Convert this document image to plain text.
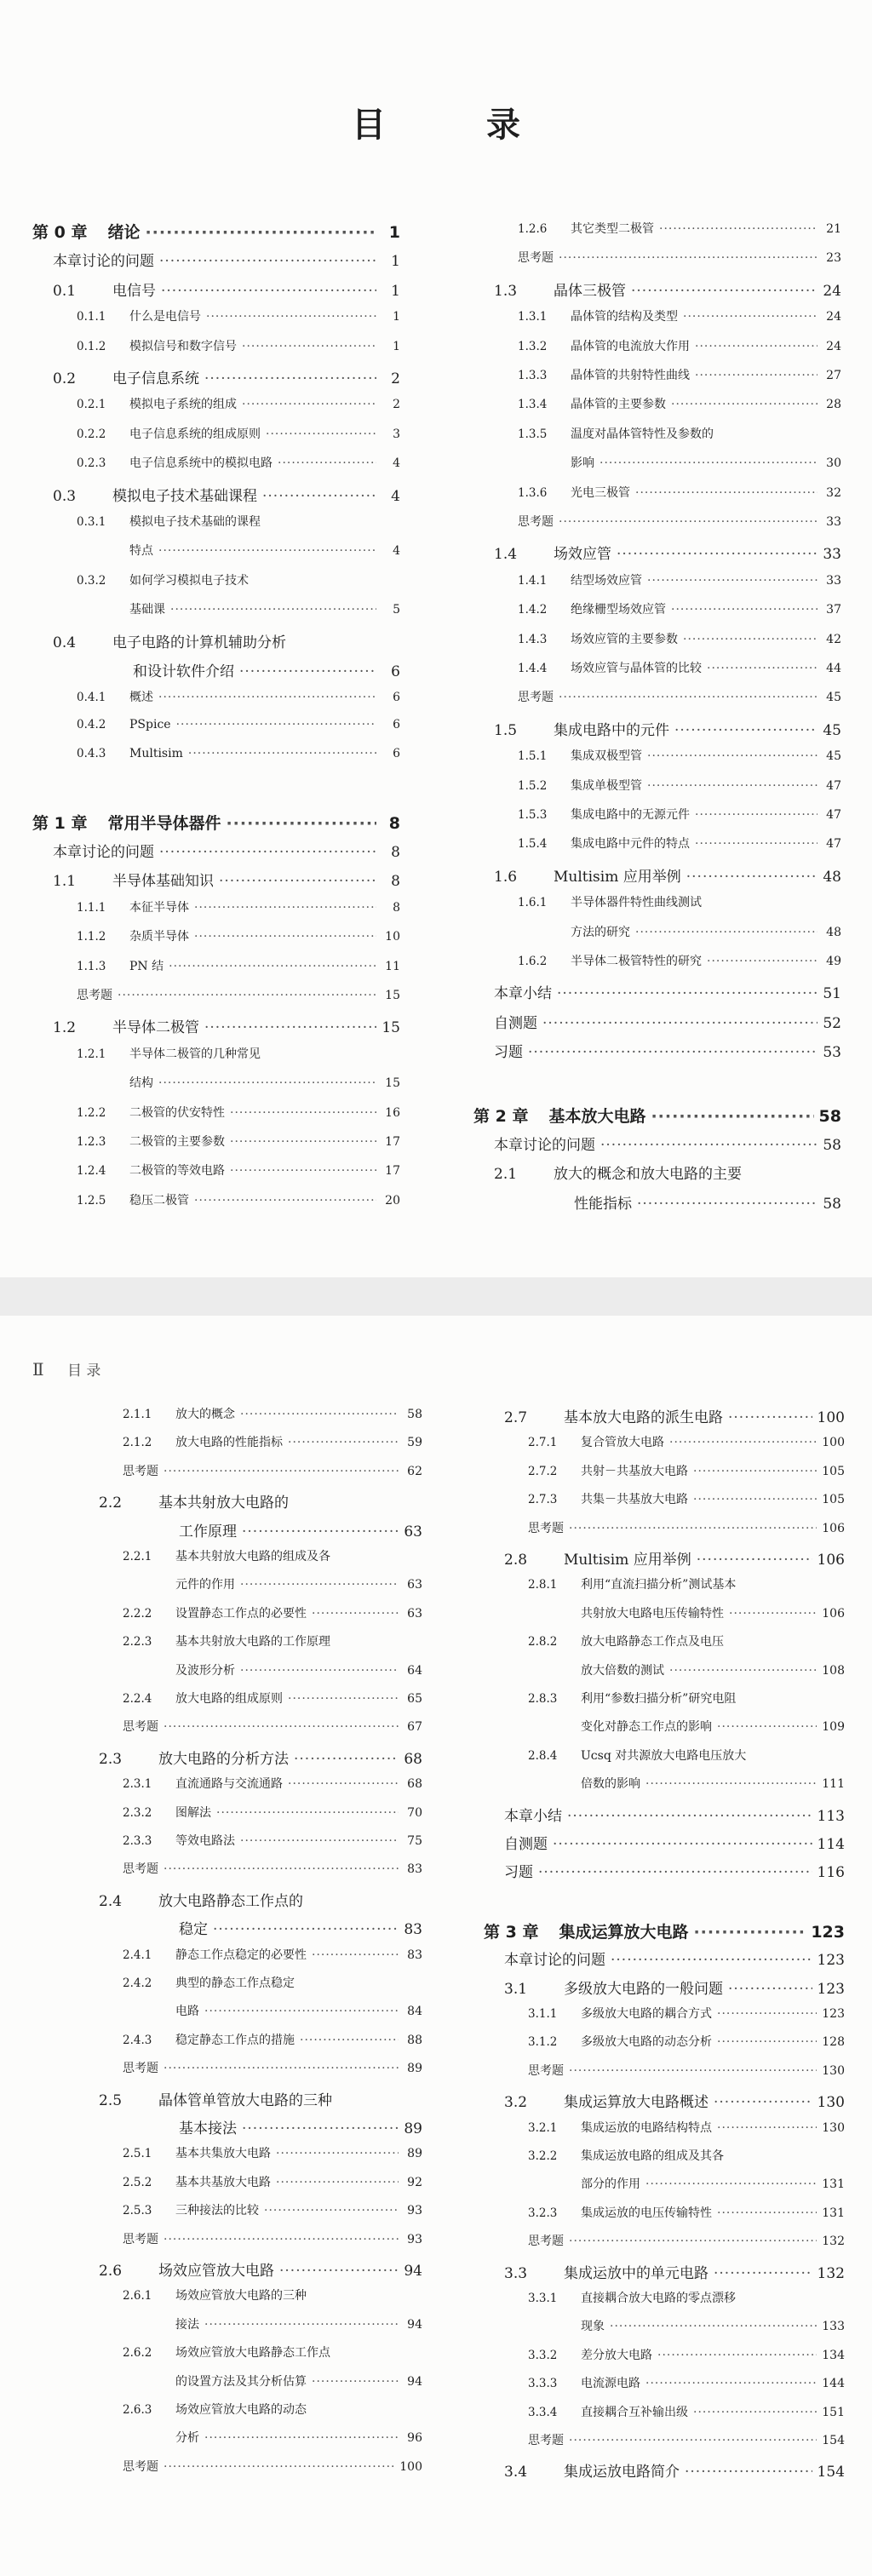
目 录
第 0 章 绪论 ·····	1
本章讨论的问题 ·····	1
0.1	电信号 ·····	1
0.1.1	什么是电信号 ·····	1
0.1.2	模拟信号和数字信号 ·····	1
0.2	电子信息系统 ·····	2
0.2.1	模拟电子系统的组成 ·····	2
0.2.2	电子信息系统的组成原则 ·····	3
0.2.3	电子信息系统中的模拟电路 ·····	4
0.3	模拟电子技术基础课程 ·····	4
0.3.1	模拟电子技术基础的课程
特点 ·····	4
0.3.2	如何学习模拟电子技术
基础课 ·····	5
0.4	电子电路的计算机辅助分析
和设计软件介绍 ·····	6
0.4.1	概述 ·····	6
0.4.2	PSpice ·····	6
0.4.3	Multisim ·····	6
第 1 章 常用半导体器件 ·····	8
本章讨论的问题 ·····	8
1.1	半导体基础知识 ·····	8
1.1.1	本征半导体 ·····	8
1.1.2	杂质半导体 ·····	10
1.1.3	PN 结 ·····	11
思考题 ·····	15
1.2	半导体二极管 ·····	15
1.2.1	半导体二极管的几种常见
结构 ·····	15
1.2.2	二极管的伏安特性 ·····	16
1.2.3	二极管的主要参数 ·····	17
1.2.4	二极管的等效电路 ·····	17
1.2.5	稳压二极管 ·····	20
1.2.6	其它类型二极管 ·····	21
思考题 ·····	23
1.3	晶体三极管 ·····	24
1.3.1	晶体管的结构及类型 ·····	24
1.3.2	晶体管的电流放大作用 ·····	24
1.3.3	晶体管的共射特性曲线 ·····	27
1.3.4	晶体管的主要参数 ·····	28
1.3.5	温度对晶体管特性及参数的
影响 ·····	30
1.3.6	光电三极管 ·····	32
思考题 ·····	33
1.4	场效应管 ·····	33
1.4.1	结型场效应管 ·····	33
1.4.2	绝缘栅型场效应管 ·····	37
1.4.3	场效应管的主要参数 ·····	42
1.4.4	场效应管与晶体管的比较 ·····	44
思考题 ·····	45
1.5	集成电路中的元件 ·····	45
1.5.1	集成双极型管 ·····	45
1.5.2	集成单极型管 ·····	47
1.5.3	集成电路中的无源元件 ·····	47
1.5.4	集成电路中元件的特点 ·····	47
1.6	Multisim 应用举例 ·····	48
1.6.1	半导体器件特性曲线测试
方法的研究 ·····	48
1.6.2	半导体二极管特性的研究 ·····	49
本章小结 ·····	51
自测题 ·····	52
习题 ·····	53
第 2 章 基本放大电路 ·····	58
本章讨论的问题 ·····	58
2.1	放大的概念和放大电路的主要
性能指标 ·····	58
Ⅱ 目 录
2.1.1	放大的概念 ·····	58
2.1.2	放大电路的性能指标 ·····	59
思考题 ·····	62
2.2	基本共射放大电路的
工作原理 ·····	63
2.2.1	基本共射放大电路的组成及各
元件的作用 ·····	63
2.2.2	设置静态工作点的必要性 ·····	63
2.2.3	基本共射放大电路的工作原理
及波形分析 ·····	64
2.2.4	放大电路的组成原则 ·····	65
思考题 ·····	67
2.3	放大电路的分析方法 ·····	68
2.3.1	直流通路与交流通路 ·····	68
2.3.2	图解法 ·····	70
2.3.3	等效电路法 ·····	75
思考题 ·····	83
2.4	放大电路静态工作点的
稳定 ·····	83
2.4.1	静态工作点稳定的必要性 ·····	83
2.4.2	典型的静态工作点稳定
电路 ·····	84
2.4.3	稳定静态工作点的措施 ·····	88
思考题 ·····	89
2.5	晶体管单管放大电路的三种
基本接法 ·····	89
2.5.1	基本共集放大电路 ·····	89
2.5.2	基本共基放大电路 ·····	92
2.5.3	三种接法的比较 ·····	93
思考题 ·····	93
2.6	场效应管放大电路 ·····	94
2.6.1	场效应管放大电路的三种
接法 ·····	94
2.6.2	场效应管放大电路静态工作点
的设置方法及其分析估算 ·····	94
2.6.3	场效应管放大电路的动态
分析 ·····	96
思考题 ·····	100
2.7	基本放大电路的派生电路 ·····	100
2.7.1	复合管放大电路 ·····	100
2.7.2	共射－共基放大电路 ·····	105
2.7.3	共集－共基放大电路 ·····	105
思考题 ·····	106
2.8	Multisim 应用举例 ·····	106
2.8.1	利用“直流扫描分析”测试基本
共射放大电路电压传输特性 ·····	106
2.8.2	放大电路静态工作点及电压
放大倍数的测试 ·····	108
2.8.3	利用“参数扫描分析”研究电阻
变化对静态工作点的影响 ·····	109
2.8.4	Uᴄsq 对共源放大电路电压放大
倍数的影响 ·····	111
本章小结 ·····	113
自测题 ·····	114
习题 ·····	116
第 3 章 集成运算放大电路 ·····	123
本章讨论的问题 ·····	123
3.1	多级放大电路的一般问题 ·····	123
3.1.1	多级放大电路的耦合方式 ·····	123
3.1.2	多级放大电路的动态分析 ·····	128
思考题 ·····	130
3.2	集成运算放大电路概述 ·····	130
3.2.1	集成运放的电路结构特点 ·····	130
3.2.2	集成运放电路的组成及其各
部分的作用 ·····	131
3.2.3	集成运放的电压传输特性 ·····	131
思考题 ·····	132
3.3	集成运放中的单元电路 ·····	132
3.3.1	直接耦合放大电路的零点漂移
现象 ·····	133
3.3.2	差分放大电路 ·····	134
3.3.3	电流源电路 ·····	144
3.3.4	直接耦合互补输出级 ·····	151
思考题 ·····	154
3.4	集成运放电路简介 ·····	154
